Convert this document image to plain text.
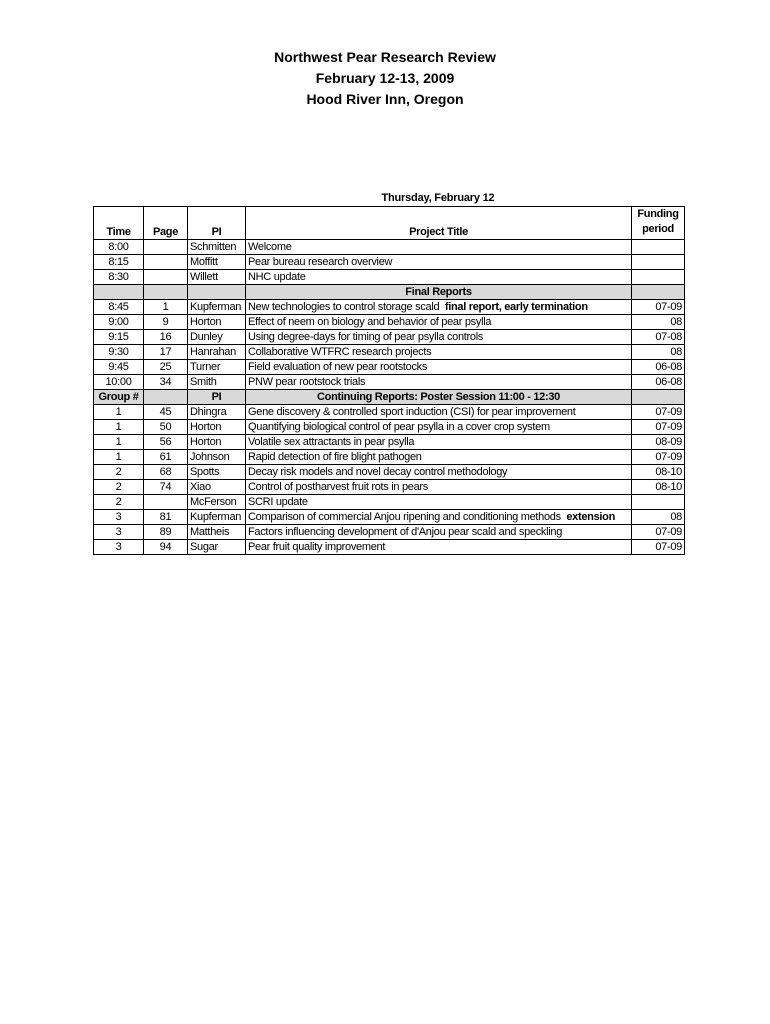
Northwest Pear Research Review
February 12-13, 2009
Hood River Inn, Oregon
Thursday, February 12
Time	Page	PI	Project Title	Funding
period

8:00		Schmitten	Welcome	
8:15		Moffitt	Pear bureau research overview	
8:30		Willett	NHC update	
			Final Reports	
8:45	1	Kupferman	New technologies to control storage scald final report, early termination	07-09
9:00	9	Horton	Effect of neem on biology and behavior of pear psylla	08
9:15	16	Dunley	Using degree-days for timing of pear psylla controls	07-08
9:30	17	Hanrahan	Collaborative WTFRC research projects	08
9:45	25	Turner	Field evaluation of new pear rootstocks	06-08
10:00	34	Smith	PNW pear rootstock trials	06-08
Group #		PI	Continuing Reports: Poster Session 11:00 - 12:30	
1	45	Dhingra	Gene discovery & controlled sport induction (CSI) for pear improvement	07-09
1	50	Horton	Quantifying biological control of pear psylla in a cover crop system	07-09
1	56	Horton	Volatile sex attractants in pear psylla	08-09
1	61	Johnson	Rapid detection of fire blight pathogen	07-09
2	68	Spotts	Decay risk models and novel decay control methodology	08-10
2	74	Xiao	Control of postharvest fruit rots in pears	08-10
2		McFerson	SCRI update	
3	81	Kupferman	Comparison of commercial Anjou ripening and conditioning methods extension	08
3	89	Mattheis	Factors influencing development of d'Anjou pear scald and speckling	07-09
3	94	Sugar	Pear fruit quality improvement	07-09
